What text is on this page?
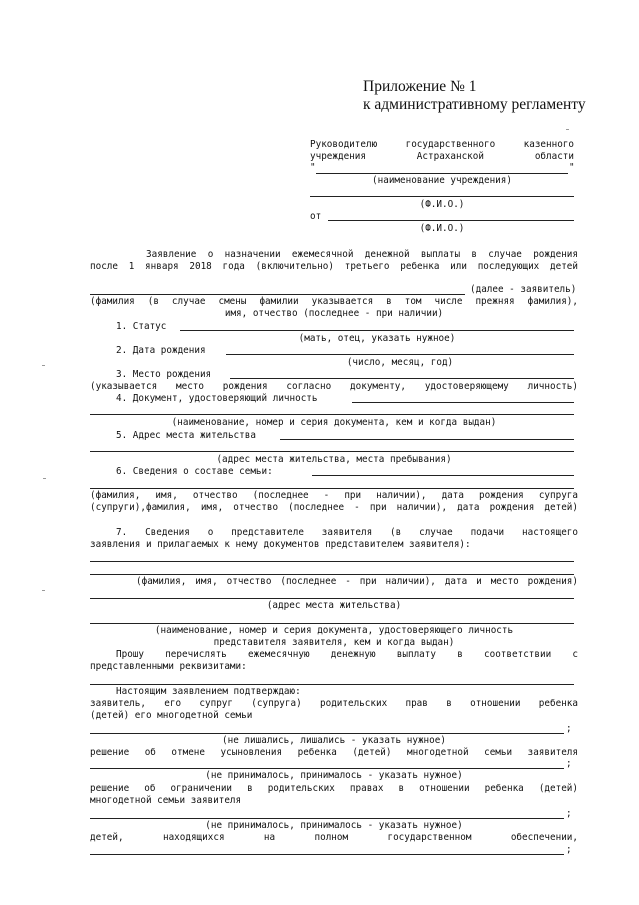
Приложение № 1
к административному регламенту
Руководителю государственного казенного
учреждения Астраханской области
"	"
(наименование учреждения)
(Ф.И.О.)
от
(Ф.И.О.)
Заявление о назначении ежемесячной денежной выплаты в случае рождения
после 1 января 2018 года (включительно) третьего ребенка или последующих детей
(далее - заявитель)
(фамилия (в случае смены фамилии указывается в том числе прежняя фамилия),
имя, отчество (последнее - при наличии)
1. Статус
(мать, отец, указать нужное)
2. Дата рождения
(число, месяц, год)
3. Место рождения
(указывается место рождения согласно документу, удостоверяющему личность)
4. Документ, удостоверяющий личность
(наименование, номер и серия документа, кем и когда выдан)
5. Адрес места жительства
(адрес места жительства, места пребывания)
6. Сведения о составе семьи:
(фамилия, имя, отчество (последнее - при наличии), дата рождения супруга
(супруги),фамилия, имя, отчество (последнее - при наличии), дата рождения детей)
7. Сведения о представителе заявителя (в случае подачи настоящего
заявления и прилагаемых к нему документов представителем заявителя):
(фамилия, имя, отчество (последнее - при наличии), дата и место рождения)
(адрес места жительства)
(наименование, номер и серия документа, удостоверяющего личность
представителя заявителя, кем и когда выдан)
Прошу перечислять ежемесячную денежную выплату в соответствии с
представленными реквизитами:
Настоящим заявлением подтверждаю:
заявитель, его супруг (супруга) родительских прав в отношении ребенка
(детей) его многодетной семьи
;
(не лишались, лишались - указать нужное)
решение об отмене усыновления ребенка (детей) многодетной семьи заявителя
;
(не принималось, принималось - указать нужное)
решение об ограничении в родительских правах в отношении ребенка (детей)
многодетной семьи заявителя
;
(не принималось, принималось - указать нужное)
детей, находящихся на полном государственном обеспечении,
;
